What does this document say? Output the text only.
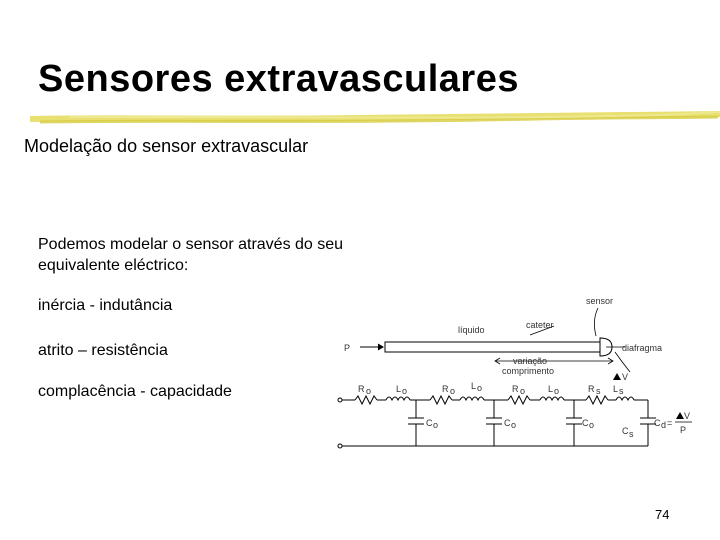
Sensores extravasculares
Modelação do sensor extravascular
Podemos modelar o sensor através do seu equivalente eléctrico:
inércia - indutância
atrito – resistência
complacência - capacidade
sensor
cateter
líquido
P	diafragma
variação
comprimento
V
R o	L o	R o L o	R o	L o	R s L s
C o	C o	C o
C s
C d =
V
P
74
